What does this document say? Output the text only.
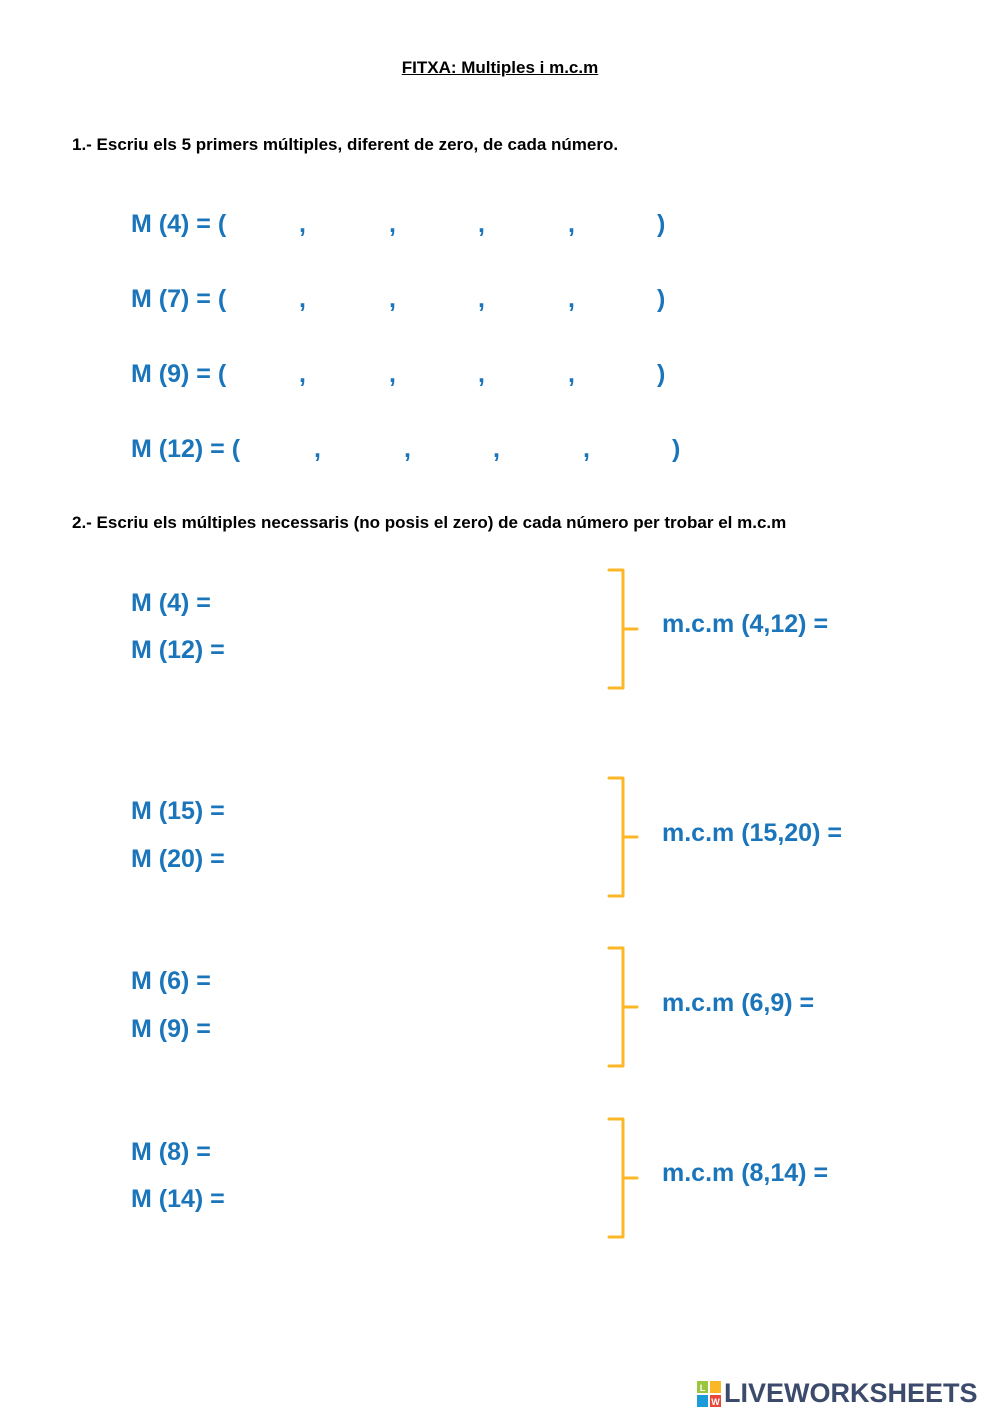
FITXA: Multiples i m.c.m
1.- Escriu els 5 primers múltiples, diferent de zero, de cada número.
M (4) = (	,	,	,	,	)
M (7) = (	,	,	,	,	)
M (9) = (	,	,	,	,	)
M (12) = (	,	,	,	,	)
2.- Escriu els múltiples necessaris (no posis el zero) de cada número per trobar el m.c.m
M (4) =
M (12) =
m.c.m (4,12) =
M (15) =
M (20) =
m.c.m (15,20) =
M (6) =
M (9) =
m.c.m (6,9) =
M (8) =
M (14) =
m.c.m (8,14) =
L
W LIVEWORKSHEETS
